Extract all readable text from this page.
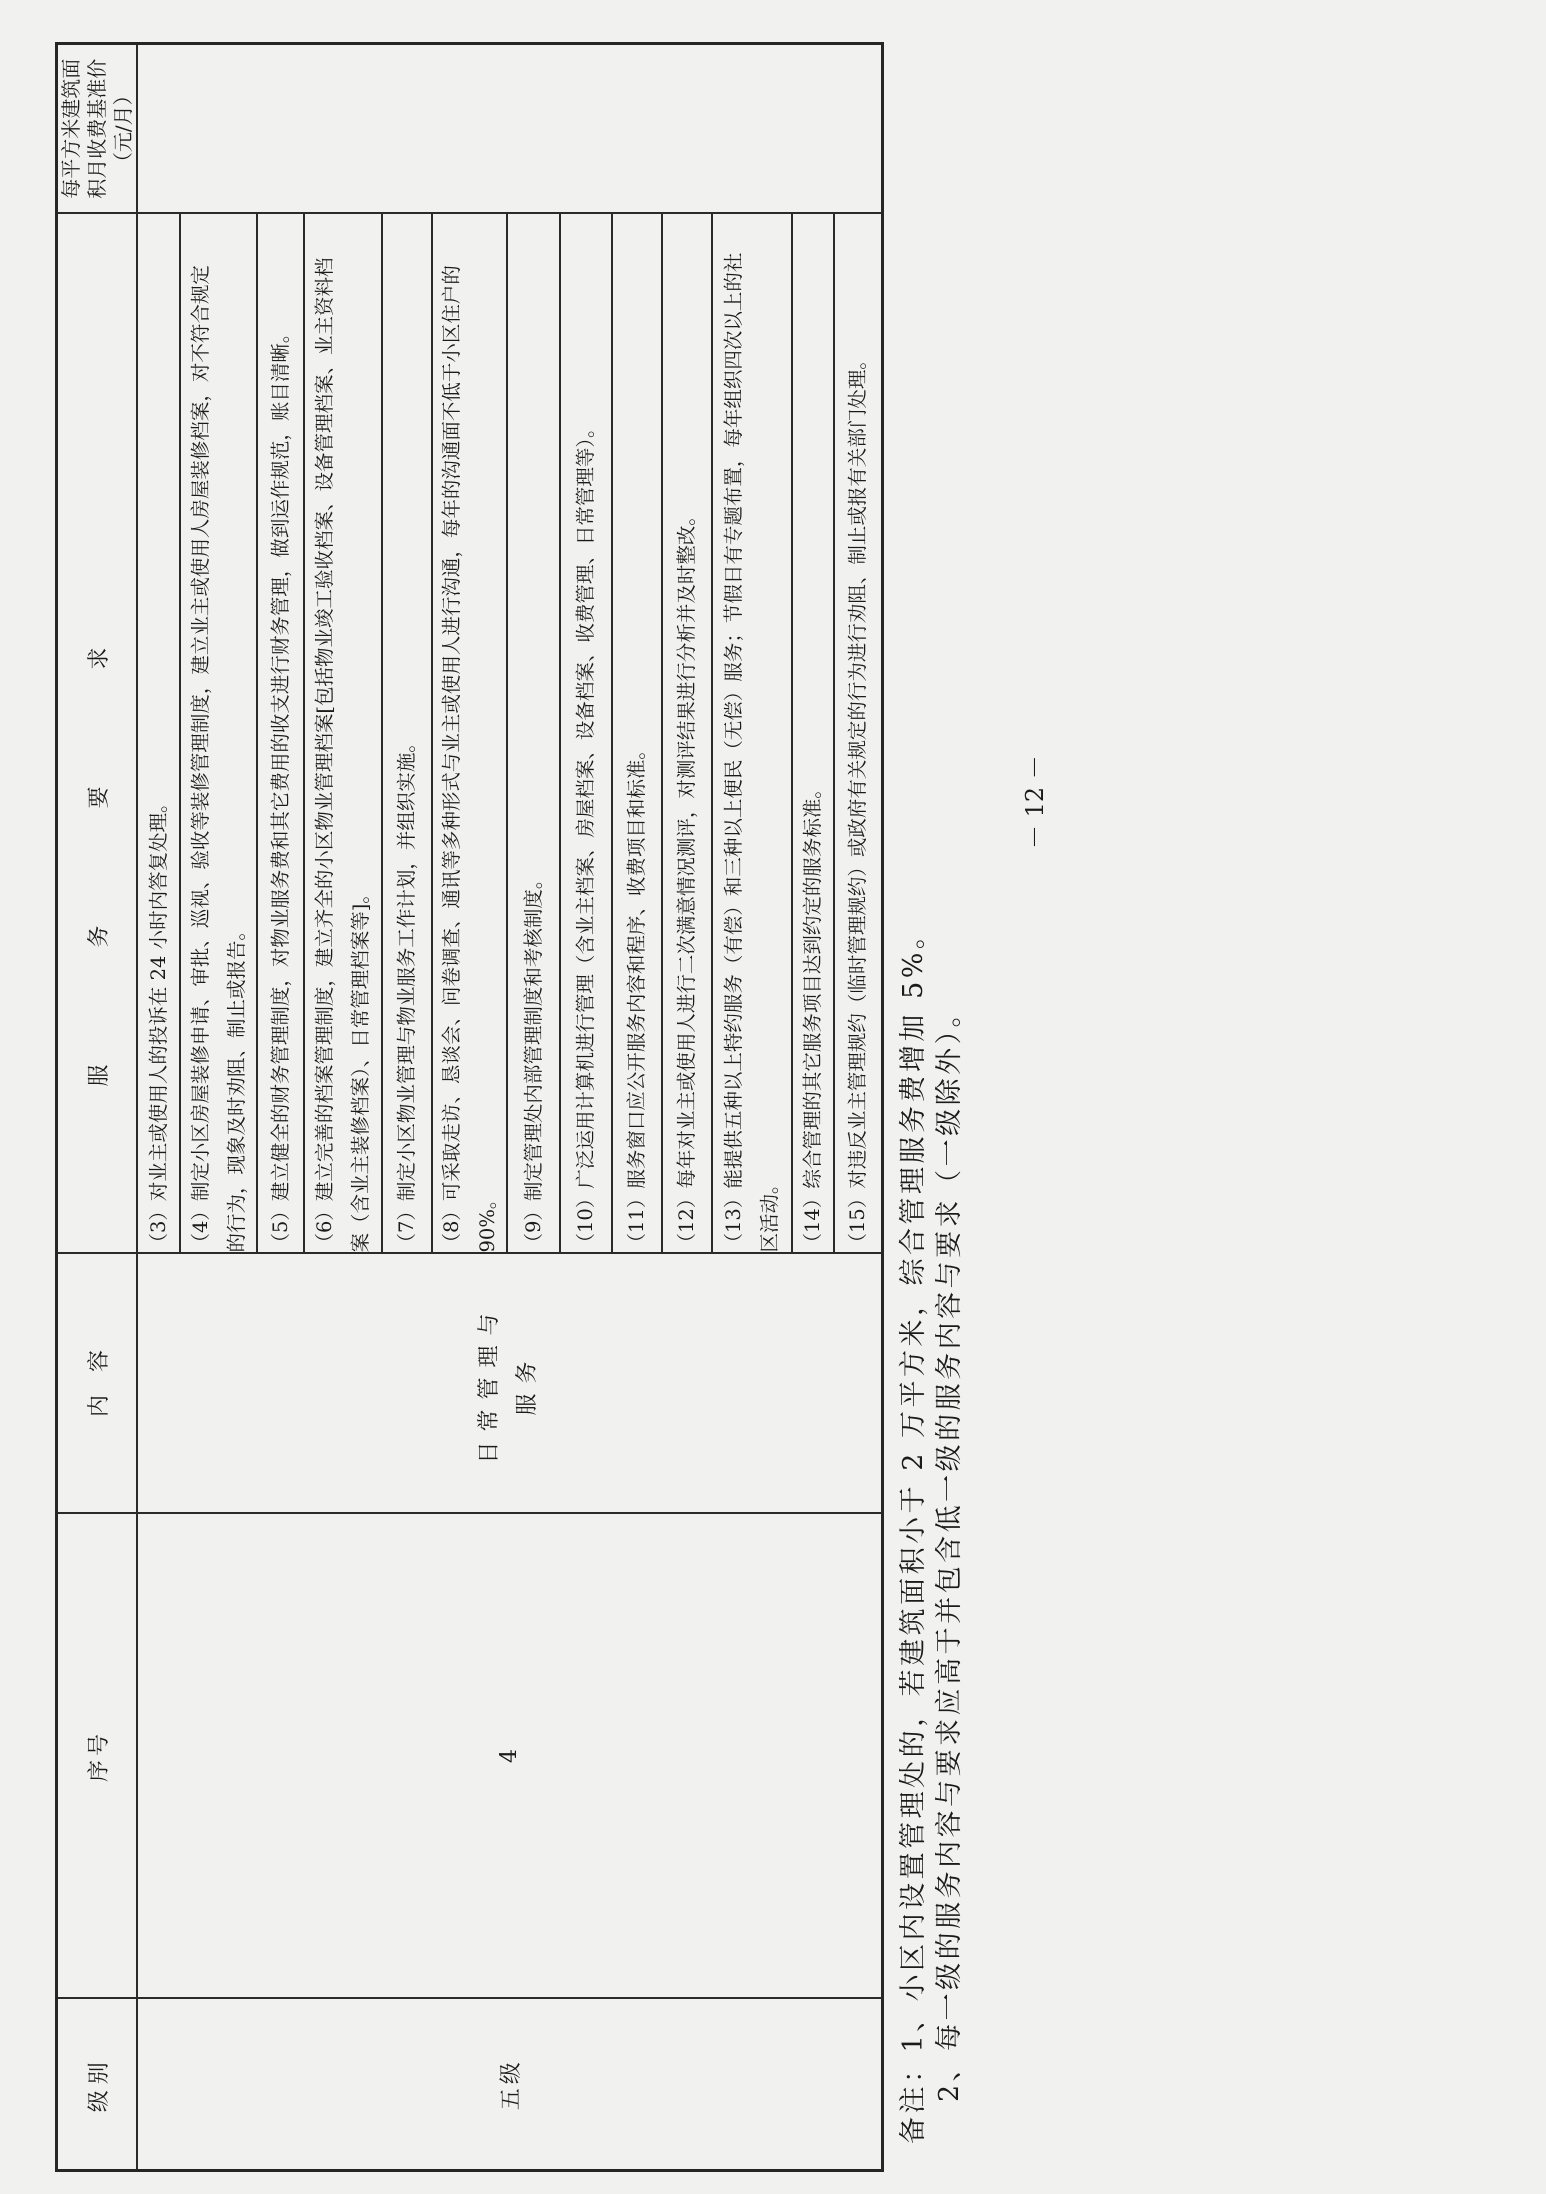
级别	序号	内 容	服 务 要 求	每平方米建筑面 积月收费基准价 （元/月）

五级	4	日常管理与 服务	（3）对业主或使用人的投诉在 24 小时内答复处理。	

			（4）制定小区房屋装修申请、审批、巡视、验收等装修管理制度，建立业主或使用人房屋装修档案，对不符合规定 的行为，现象及时劝阻、制止或报告。	

			（5）建立健全的财务管理制度，对物业服务费和其它费用的收支进行财务管理，做到运作规范，账目清晰。	

			（6）建立完善的档案管理制度，建立齐全的小区物业管理档案[包括物业竣工验收档案、设备管理档案、业主资料档 案（含业主装修档案）、日常管理档案等]。	

			（7）制定小区物业管理与物业服务工作计划，并组织实施。	

			（8）可采取走访、恳谈会、问卷调查、通讯等多种形式与业主或使用人进行沟通，每年的沟通面不低于小区住户的 90%。	

			（9）制定管理处内部管理制度和考核制度。	

			（10）广泛运用计算机进行管理（含业主档案、房屋档案、设备档案、收费管理、日常管理等）。	

			（11）服务窗口应公开服务内容和程序、收费项目和标准。	

			（12）每年对业主或使用人进行二次满意情况测评，对测评结果进行分析并及时整改。	

			（13）能提供五种以上特约服务（有偿）和三种以上便民（无偿）服务；节假日有专题布置，每年组织四次以上的社 区活动。	

			（14）综合管理的其它服务项目达到约定的服务标准。	

			（15）对违反业主管理规约（临时管理规约）或政府有关规定的行为进行劝阻、制止或报有关部门处理。	
备注：1、小区内设置管理处的，若建筑面积小于 2 万平方米，综合管理服务费增加 5%。 2、每一级的服务内容与要求应高于并包含低一级的服务内容与要求（一级除外）。
－ 12 －
